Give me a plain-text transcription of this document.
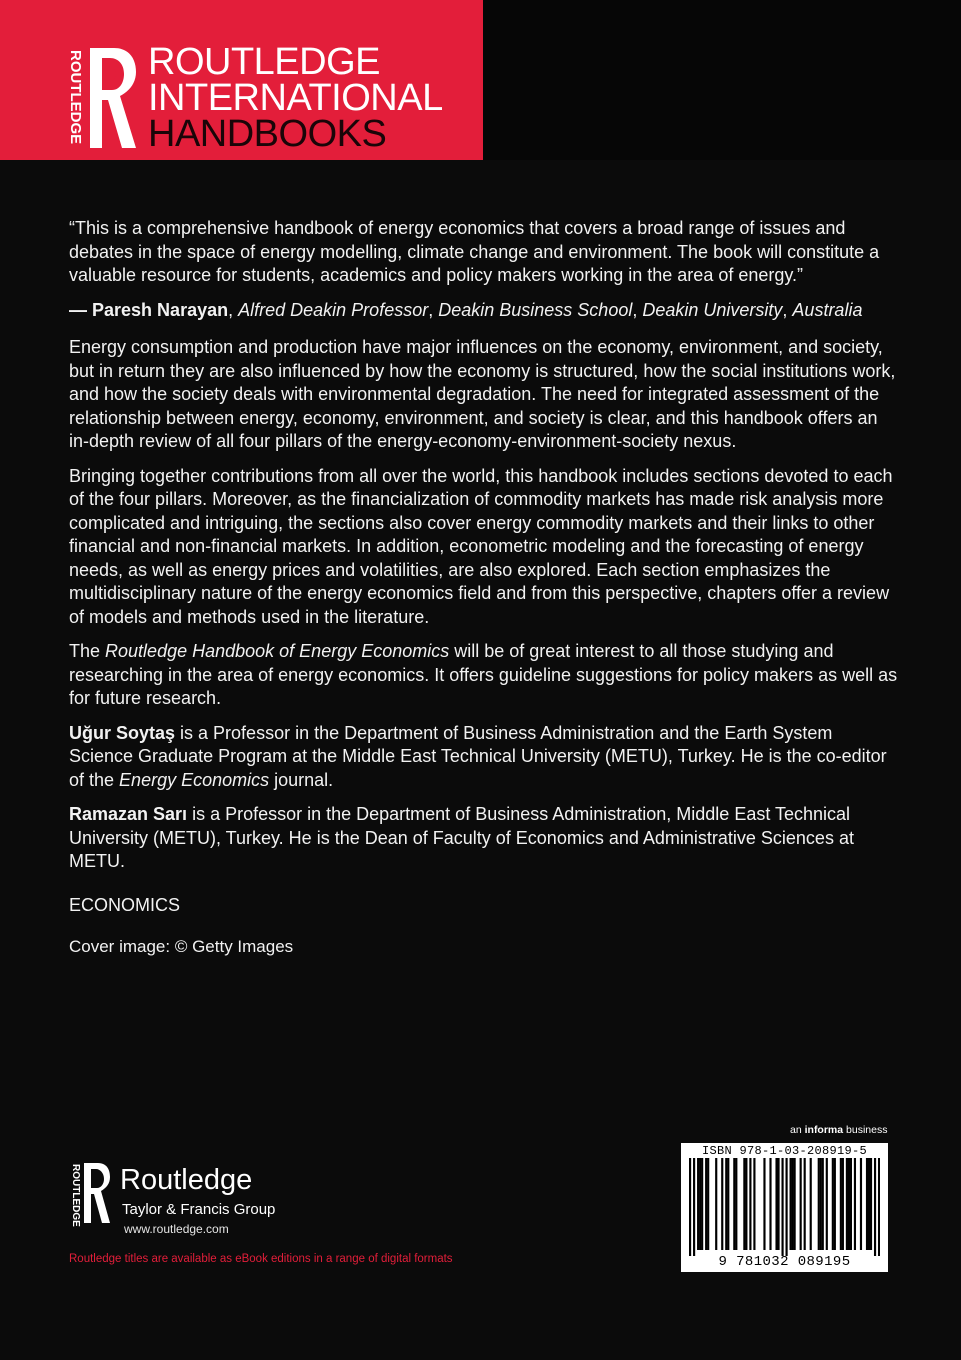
ROUTLEDGE ROUTLEDGE
INTERNATIONAL
HANDBOOKS

“This is a comprehensive handbook of energy economics that covers a broad range of issues and debates in the space of energy modelling, climate change and environment. The book will constitute a valuable resource for students, academics and policy makers working in the area of energy.”

— Paresh Narayan, Alfred Deakin Professor, Deakin Business School, Deakin University, Australia

Energy consumption and production have major influences on the economy, environment, and society, but in return they are also influenced by how the economy is structured, how the social institutions work, and how the society deals with environmental degradation. The need for integrated assessment of the relationship between energy, economy, environment, and society is clear, and this handbook offers an in-depth review of all four pillars of the energy-economy-environment-society nexus.

Bringing together contributions from all over the world, this handbook includes sections devoted to each of the four pillars. Moreover, as the financialization of commodity markets has made risk analysis more complicated and intriguing, the sections also cover energy commodity markets and their links to other financial and non-financial markets. In addition, econometric modeling and the forecasting of energy needs, as well as energy prices and volatilities, are also explored. Each section emphasizes the multidisciplinary nature of the energy economics field and from this perspective, chapters offer a review of models and methods used in the literature.

The Routledge Handbook of Energy Economics will be of great interest to all those studying and researching in the area of energy economics. It offers guideline suggestions for policy makers as well as for future research.

Uğur Soytaş is a Professor in the Department of Business Administration and the Earth System Science Graduate Program at the Middle East Technical University (METU), Turkey. He is the co-editor of the Energy Economics journal.

Ramazan Sarı is a Professor in the Department of Business Administration, Middle East Technical University (METU), Turkey. He is the Dean of Faculty of Economics and Administrative Sciences at METU.

ECONOMICS
Cover image: © Getty Images
ROUTLEDGE Routledge
Taylor & Francis Group
www.routledge.com
Routledge titles are available as eBook editions in a range of digital formats
an informa business
ISBN 978-1-03-208919-5
9 781032 089195
